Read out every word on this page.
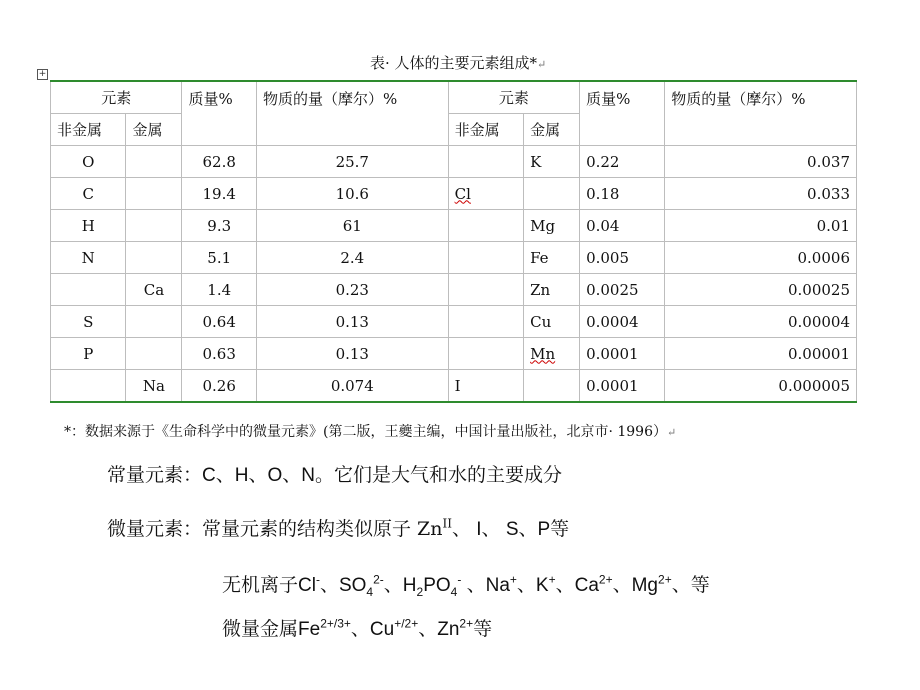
表· 人体的主要元素组成*↵
+
元素		质量%	物质的量（摩尔）%	元素		质量%	物质的量（摩尔）%
非金属	金属			非金属	金属		
O		62.8	25.7		K	0.22	0.037
C		19.4	10.6	Cl		0.18	0.033
H		9.3	61		Mg	0.04	0.01
N		5.1	2.4		Fe	0.005	0.0006
	Ca	1.4	0.23		Zn	0.0025	0.00025
S		0.64	0.13		Cu	0.0004	0.00004
P		0.63	0.13		Mn	0.0001	0.00001
	Na	0.26	0.074	I		0.0001	0.000005
*：数据来源于《生命科学中的微量元素》(第二版，王夔主编，中国计量出版社，北京市· 1996）↵
常量元素：C、H、O、N。它们是大气和水的主要成分
微量元素：常量元素的结构类似原子 $Zn^{II}$、 I、 S、P等
无机离子Cl-、$SO_4^{2-}$、$H_2PO_4^-$ 、Na+、K+、$Ca^{2+}$、$Mg^{2+}$、等
微量金属$Fe^{2+/3+}$、$Cu^{+/2+}$、$Zn^{2+}$等
